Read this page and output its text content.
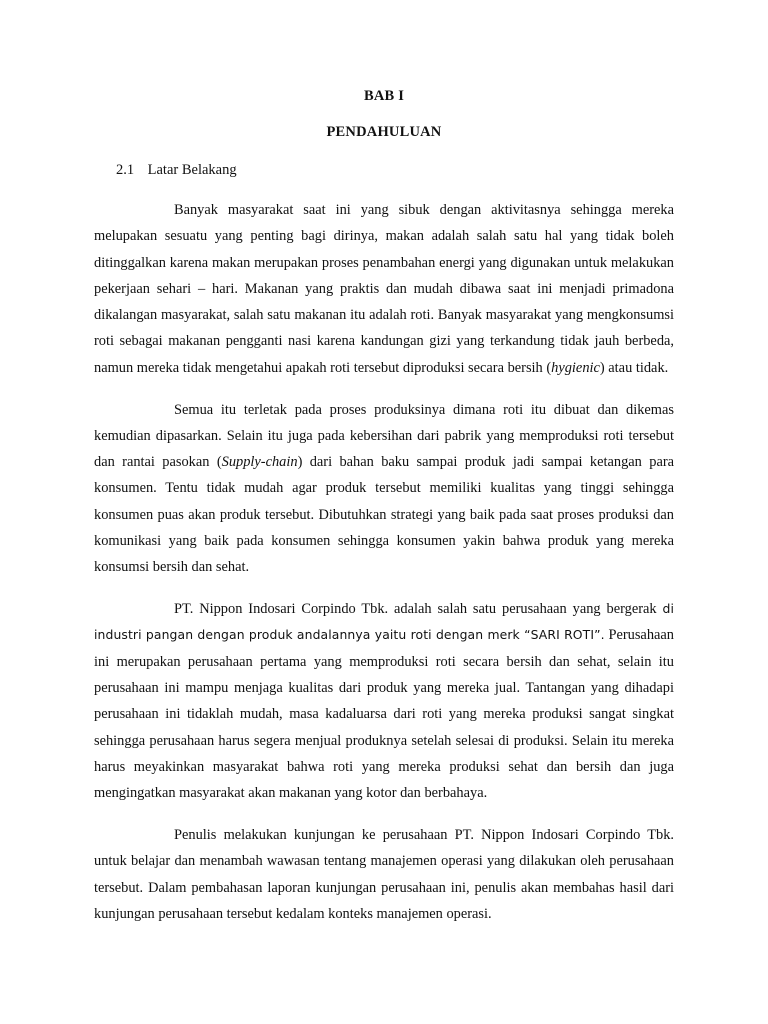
BAB I
PENDAHULUAN
2.1 Latar Belakang

Banyak masyarakat saat ini yang sibuk dengan aktivitasnya sehingga mereka melupakan sesuatu yang penting bagi dirinya, makan adalah salah satu hal yang tidak boleh ditinggalkan karena makan merupakan proses penambahan energi yang digunakan untuk melakukan pekerjaan sehari – hari. Makanan yang praktis dan mudah dibawa saat ini menjadi primadona dikalangan masyarakat, salah satu makanan itu adalah roti. Banyak masyarakat yang mengkonsumsi roti sebagai makanan pengganti nasi karena kandungan gizi yang terkandung tidak jauh berbeda, namun mereka tidak mengetahui apakah roti tersebut diproduksi secara bersih (hygienic) atau tidak.

Semua itu terletak pada proses produksinya dimana roti itu dibuat dan dikemas kemudian dipasarkan. Selain itu juga pada kebersihan dari pabrik yang memproduksi roti tersebut dan rantai pasokan (Supply-chain) dari bahan baku sampai produk jadi sampai ketangan para konsumen. Tentu tidak mudah agar produk tersebut memiliki kualitas yang tinggi sehingga konsumen puas akan produk tersebut. Dibutuhkan strategi yang baik pada saat proses produksi dan komunikasi yang baik pada konsumen sehingga konsumen yakin bahwa produk yang mereka konsumsi bersih dan sehat.

PT. Nippon Indosari Corpindo Tbk. adalah salah satu perusahaan yang bergerak di industri pangan dengan produk andalannya yaitu roti dengan merk “SARI ROTI”. Perusahaan ini merupakan perusahaan pertama yang memproduksi roti secara bersih dan sehat, selain itu perusahaan ini mampu menjaga kualitas dari produk yang mereka jual. Tantangan yang dihadapi perusahaan ini tidaklah mudah, masa kadaluarsa dari roti yang mereka produksi sangat singkat sehingga perusahaan harus segera menjual produknya setelah selesai di produksi. Selain itu mereka harus meyakinkan masyarakat bahwa roti yang mereka produksi sehat dan bersih dan juga mengingatkan masyarakat akan makanan yang kotor dan berbahaya.

Penulis melakukan kunjungan ke perusahaan PT. Nippon Indosari Corpindo Tbk. untuk belajar dan menambah wawasan tentang manajemen operasi yang dilakukan oleh perusahaan tersebut. Dalam pembahasan laporan kunjungan perusahaan ini, penulis akan membahas hasil dari kunjungan perusahaan tersebut kedalam konteks manajemen operasi.
